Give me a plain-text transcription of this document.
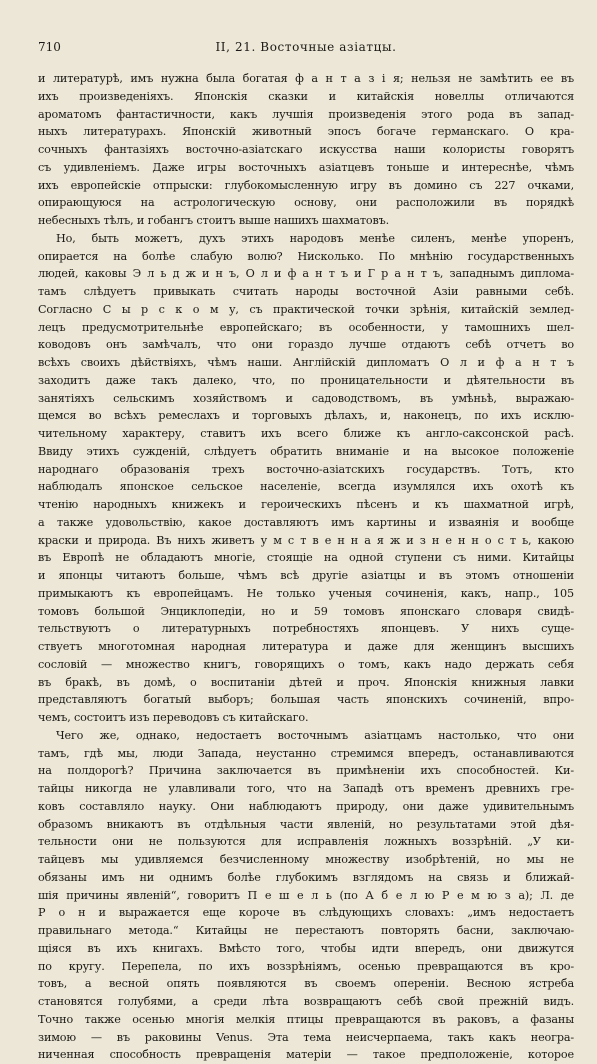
710	II, 21. Восточные азіатцы.
и литературѣ, имъ нужна была богатая ф а н т а з і я; нельзя не замѣтить ее въ
ихъ произведеніяхъ. Японскія сказки и китайскія новеллы отличаются
ароматомъ фантастичности, какъ лучшія произведенія этого рода въ запад-
ныхъ литературахъ. Японскій животный эпосъ богаче германскаго. О кра-
сочныхъ фантазіяхъ восточно-азіатскаго искусства наши колористы говорятъ
съ удивленіемъ. Даже игры восточныхъ азіатцевъ тоньше и интереснѣе, чѣмъ
ихъ европейскіе отпрыски: глубокомысленную игру въ домино съ 227 очками,
опирающуюся на астрологическую основу, они расположили въ порядкѣ
небесныхъ тѣлъ, и гобангъ стоитъ выше нашихъ шахматовъ.
Но, быть можетъ, духъ этихъ народовъ менѣе силенъ, менѣе упоренъ,
опирается на болѣе слабую волю? Нисколько. По мнѣнію государственныхъ
людей, каковы Э л ь д ж и н ъ, О л и ф а н т ъ и Г р а н т ъ, западнымъ дипломa-
тамъ слѣдуетъ привыкать считать народы восточной Азіи равными себѣ.
Согласно С ы р с к о м у, съ практической точки зрѣнія, китайскій землед-
лецъ предусмотрительнѣе европейскаго; въ особенности, у тамошнихъ шел-
ководовъ онъ замѣчалъ, что они гораздо лучше отдаютъ себѣ отчетъ во
всѣхъ своихъ дѣйствіяхъ, чѣмъ наши. Англійскій дипломатъ О л и ф а н т ъ
заходитъ даже такъ далеко, что, по проницательности и дѣятельности въ
занятіяхъ сельскимъ хозяйствомъ и садоводствомъ, въ умѣньѣ, выражаю-
щемся во всѣхъ ремеслахъ и торговыхъ дѣлахъ, и, наконецъ, по ихъ исклю-
чительному характеру, ставитъ ихъ всего ближе къ англо-саксонской расѣ.
Ввиду этихъ сужденій, слѣдуетъ обратить вниманіе и на высокое положеніе
народнаго образованія трехъ восточно-азіатскихъ государствъ. Тотъ, кто
наблюдалъ японское сельское населеніе, всегда изумлялся ихъ охотѣ къ
чтенію народныхъ книжекъ и героическихъ пѣсенъ и къ шахматной игрѣ,
а также удовольствію, какое доставляютъ имъ картины и изваянія и вообще
краски и природа. Въ нихъ живетъ у м с т в е н н а я ж и з н е н н о с т ь, какою
въ Европѣ не обладаютъ многіе, стоящіе на одной ступени съ ними. Китайцы
и японцы читаютъ больше, чѣмъ всѣ другіе азіатцы и въ этомъ отношеніи
примыкаютъ къ европейцамъ. Не только ученыя сочиненія, какъ, напр., 105
томовъ большой Энциклопедіи, но и 59 томовъ японскаго словаря свидѣ-
тельствуютъ о литературныхъ потребностяхъ японцевъ. У нихъ суще-
ствуетъ многотомная народная литература и даже для женщинъ высшихъ
сословій — множество книгъ, говорящихъ о томъ, какъ надо держать себя
въ бракѣ, въ домѣ, о воспитаніи дѣтей и проч. Японскія книжныя лавки
представляютъ богатый выборъ; большая часть японскихъ сочиненій, впро-
чемъ, состоитъ изъ переводовъ съ китайскаго.
Чего же, однако, недостаетъ восточнымъ азіатцамъ настолько, что они
тамъ, гдѣ мы, люди Запада, неустанно стремимся впередъ, останавливаются
на полдорогѣ? Причина заключается въ примѣненіи ихъ способностей. Ки-
тайцы никогда не улавливали того, что на Западѣ отъ временъ древнихъ гре-
ковъ составляло науку. Они наблюдаютъ природу, они даже удивительнымъ
образомъ вникаютъ въ отдѣльныя части явленій, но результатами этой дѣя-
тельности они не пользуются для исправленія ложныхъ воззрѣній. „У ки-
тайцевъ мы удивляемся безчисленному множеству изобрѣтеній, но мы не
обязаны имъ ни однимъ болѣе глубокимъ взглядомъ на связь и ближай-
шія причины явленій“, говоритъ П е ш е л ь (по А б е л ю Р е м ю з а); Л. де
Р о н и выражается еще короче въ слѣдующихъ словахъ: „имъ недостаетъ
правильнаго метода.“ Китайцы не перестаютъ повторять басни, заключаю-
щіяся въ ихъ книгахъ. Вмѣсто того, чтобы идти впередъ, они движутся
по кругу. Перепела, по ихъ воззрѣніямъ, осенью превращаются въ кро-
товъ, а весной опять появляются въ своемъ опереніи. Весною ястреба
становятся голубями, а среди лѣта возвращаютъ себѣ свой прежній видъ.
Точно также осенью многія мелкія птицы превращаются въ раковъ, а фазаны
зимою — въ раковины Venus. Эта тема неисчерпаема, такъ какъ неогра-
ниченная способность превращенія матеріи — такое предположеніе, которое
